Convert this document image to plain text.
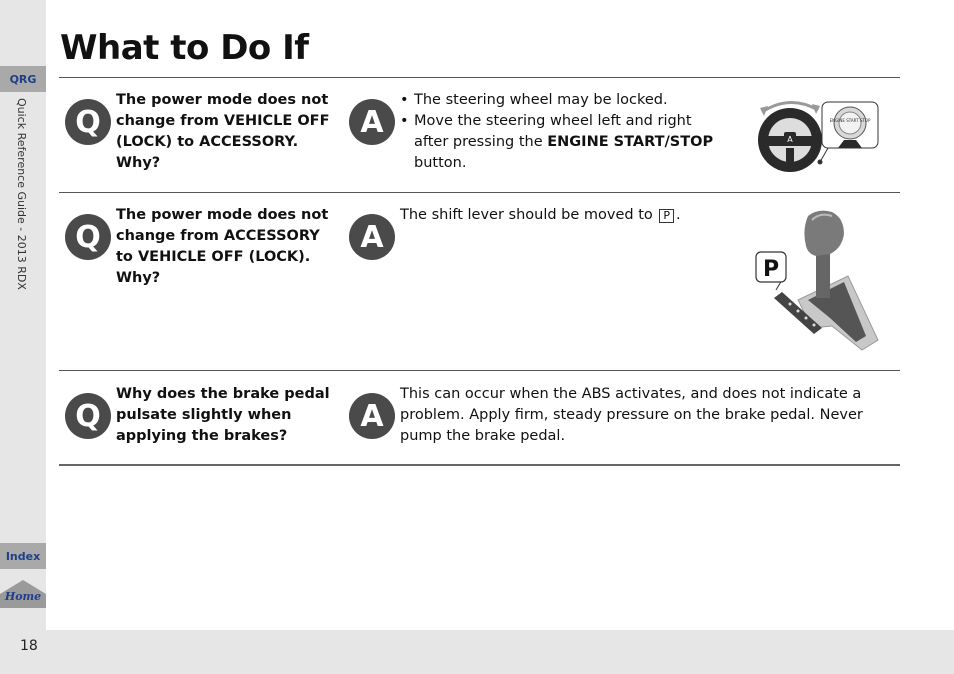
QRG
Quick Reference Guide - 2013 RDX
Index
Home
18
What to Do If
Q
The power mode does not change from VEHICLE OFF (LOCK) to ACCESSORY. Why?
A
• The steering wheel may be locked.
• Move the steering wheel left and right after pressing the ENGINE START/STOP button.
A
ENGINE START STOP
Q
The power mode does not change from ACCESSORY to VEHICLE OFF (LOCK). Why?
A
The shift lever should be moved to P .
P
Q
Why does the brake pedal pulsate slightly when applying the brakes?
A
This can occur when the ABS activates, and does not indicate a problem. Apply firm, steady pressure on the brake pedal. Never pump the brake pedal.
